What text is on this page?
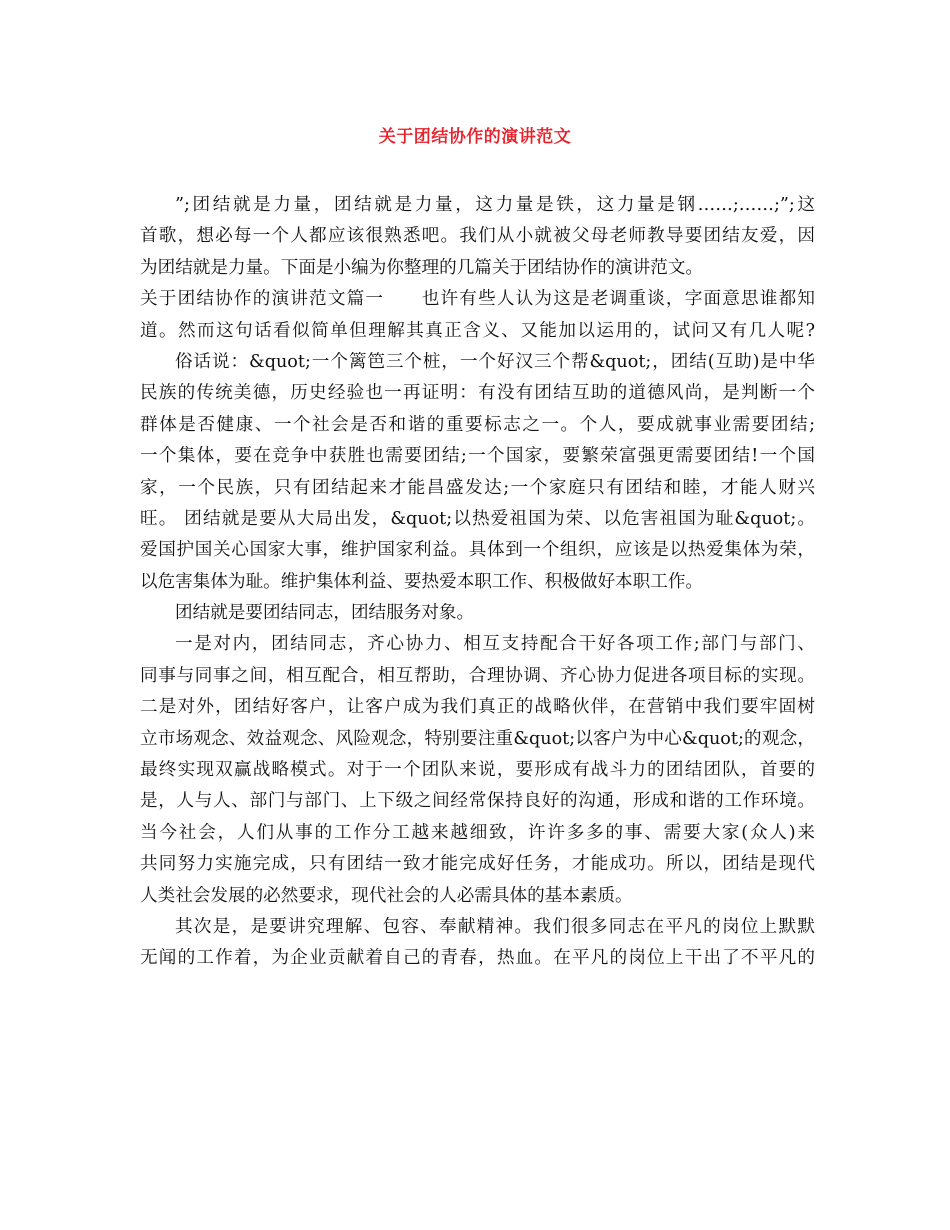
关于团结协作的演讲范文
”;团结就是力量，团结就是力量，这力量是铁，这力量是钢……;……;”;这
首歌，想必每一个人都应该很熟悉吧。我们从小就被父母老师教导要团结友爱，因
为团结就是力量。下面是小编为你整理的几篇关于团结协作的演讲范文。
关于团结协作的演讲范文篇一　　也许有些人认为这是老调重谈，字面意思谁都知
道。然而这句话看似简单但理解其真正含义、又能加以运用的，试问又有几人呢?
俗话说：&quot;一个篱笆三个桩，一个好汉三个帮&quot;，团结(互助)是中华
民族的传统美德，历史经验也一再证明：有没有团结互助的道德风尚，是判断一个
群体是否健康、一个社会是否和谐的重要标志之一。个人，要成就事业需要团结;
一个集体，要在竞争中获胜也需要团结;一个国家，要繁荣富强更需要团结!一个国
家，一个民族，只有团结起来才能昌盛发达;一个家庭只有团结和睦，才能人财兴
旺。 团结就是要从大局出发，&quot;以热爱祖国为荣、以危害祖国为耻&quot;。
爱国护国关心国家大事，维护国家利益。具体到一个组织，应该是以热爱集体为荣，
以危害集体为耻。维护集体利益、要热爱本职工作、积极做好本职工作。
团结就是要团结同志，团结服务对象。
一是对内，团结同志，齐心协力、相互支持配合干好各项工作;部门与部门、
同事与同事之间，相互配合，相互帮助，合理协调、齐心协力促进各项目标的实现。
二是对外，团结好客户，让客户成为我们真正的战略伙伴，在营销中我们要牢固树
立市场观念、效益观念、风险观念，特别要注重&quot;以客户为中心&quot;的观念，
最终实现双赢战略模式。对于一个团队来说，要形成有战斗力的团结团队，首要的
是，人与人、部门与部门、上下级之间经常保持良好的沟通，形成和谐的工作环境。
当今社会，人们从事的工作分工越来越细致，许许多多的事、需要大家(众人)来
共同努力实施完成，只有团结一致才能完成好任务，才能成功。所以，团结是现代
人类社会发展的必然要求，现代社会的人必需具体的基本素质。
其次是，是要讲究理解、包容、奉献精神。我们很多同志在平凡的岗位上默默
无闻的工作着，为企业贡献着自己的青春，热血。在平凡的岗位上干出了不平凡的
